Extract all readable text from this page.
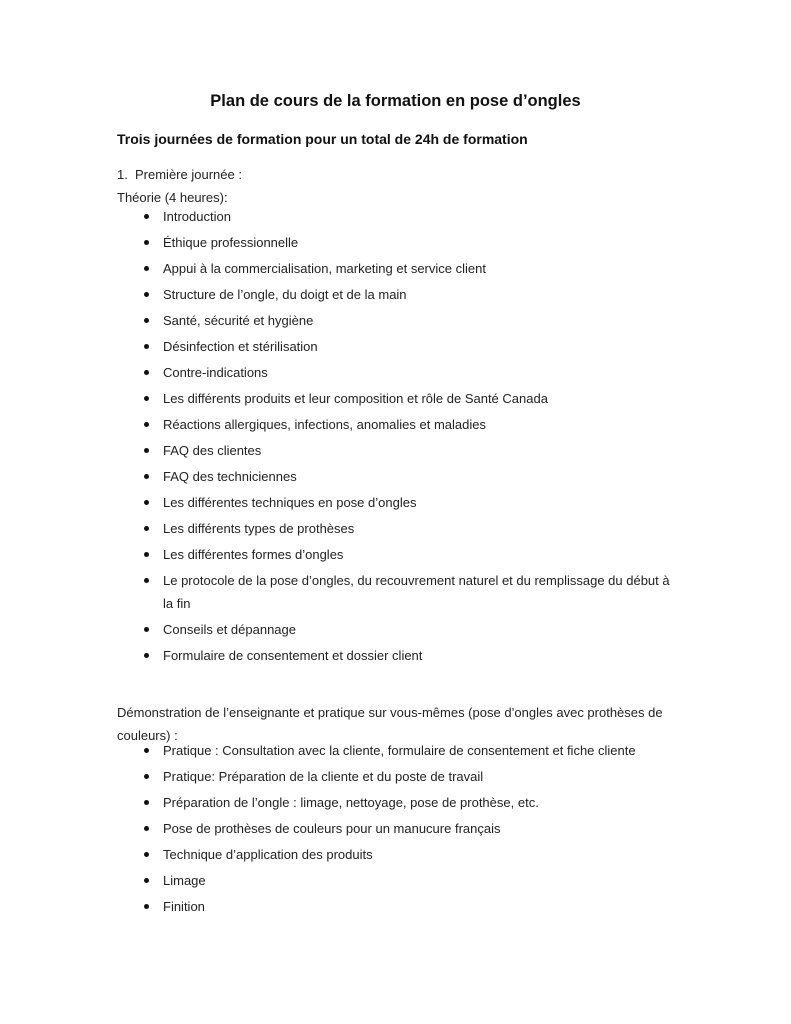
Plan de cours de la formation en pose d’ongles
Trois journées de formation pour un total de 24h de formation
1. Première journée :
Théorie (4 heures):
Introduction
Éthique professionnelle
Appui à la commercialisation, marketing et service client
Structure de l’ongle, du doigt et de la main
Santé, sécurité et hygiène
Désinfection et stérilisation
Contre-indications
Les différents produits et leur composition et rôle de Santé Canada
Réactions allergiques, infections, anomalies et maladies
FAQ des clientes
FAQ des techniciennes
Les différentes techniques en pose d’ongles
Les différents types de prothèses
Les différentes formes d’ongles
Le protocole de la pose d’ongles, du recouvrement naturel et du remplissage du début à la fin
Conseils et dépannage
Formulaire de consentement et dossier client
Démonstration de l’enseignante et pratique sur vous-mêmes (pose d’ongles avec prothèses de couleurs) :
Pratique : Consultation avec la cliente, formulaire de consentement et fiche cliente
Pratique: Préparation de la cliente et du poste de travail
Préparation de l’ongle : limage, nettoyage, pose de prothèse, etc.
Pose de prothèses de couleurs pour un manucure français
Technique d’application des produits
Limage
Finition
